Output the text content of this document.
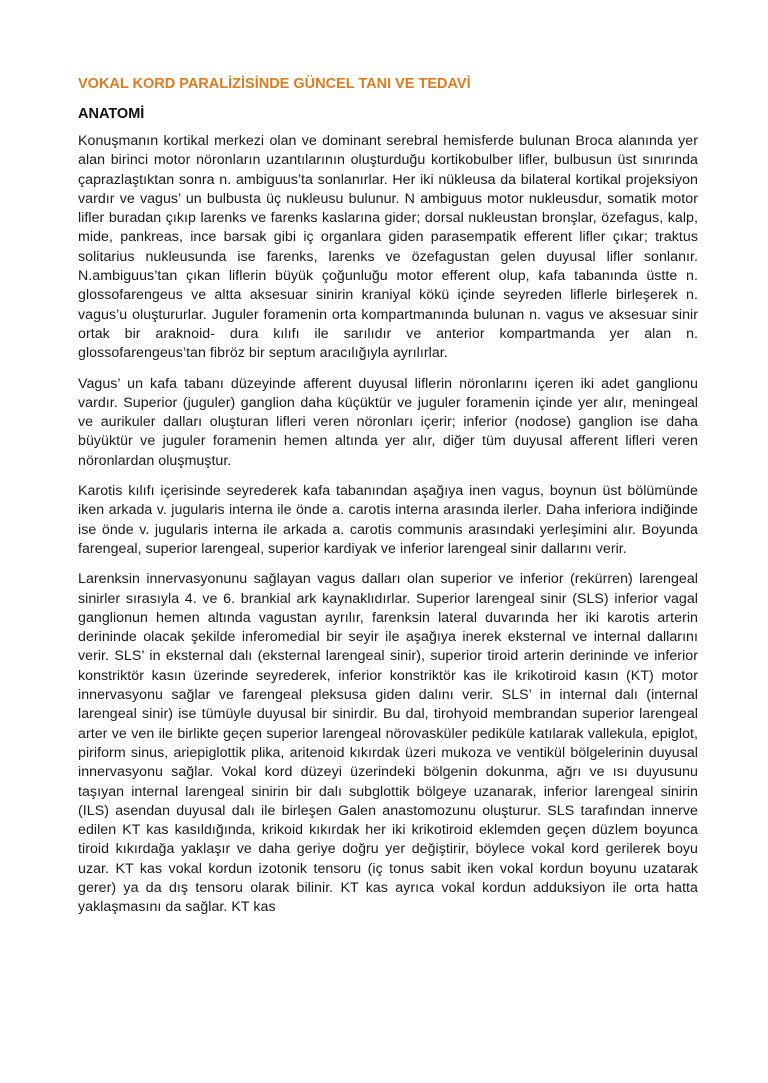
VOKAL KORD PARALİZİSİNDE GÜNCEL TANI VE TEDAVİ
ANATOMİ

Konuşmanın kortikal merkezi olan ve dominant serebral hemisferde bulunan Broca alanında yer alan birinci motor nöronların uzantılarının oluşturduğu kortikobulber lifler, bulbusun üst sınırında çaprazlaştıktan sonra n. ambiguus’ta sonlanırlar. Her iki nükleusa da bilateral kortikal projeksiyon vardır ve vagus’ un bulbusta üç nukleusu bulunur. N ambiguus motor nukleusdur, somatik motor lifler buradan çıkıp larenks ve farenks kaslarına gider; dorsal nukleustan bronşlar, özefagus, kalp, mide, pankreas, ince barsak gibi iç organlara giden parasempatik efferent lifler çıkar; traktus solitarius nukleusunda ise farenks, larenks ve özefagustan gelen duyusal lifler sonlanır. N.ambiguus’tan çıkan liflerin büyük çoğunluğu motor efferent olup, kafa tabanında üstte n. glossofarengeus ve altta aksesuar sinirin kraniyal kökü içinde seyreden liflerle birleşerek n. vagus’u oluştururlar. Juguler foramenin orta kompartmanında bulunan n. vagus ve aksesuar sinir ortak bir araknoid- dura kılıfı ile sarılıdır ve anterior kompartmanda yer alan n. glossofarengeus’tan fibröz bir septum aracılığıyla ayrılırlar.

Vagus’ un kafa tabanı düzeyinde afferent duyusal liflerin nöronlarını içeren iki adet ganglionu vardır. Superior (juguler) ganglion daha küçüktür ve juguler foramenin içinde yer alır, meningeal ve aurikuler dalları oluşturan lifleri veren nöronları içerir; inferior (nodose) ganglion ise daha büyüktür ve juguler foramenin hemen altında yer alır, diğer tüm duyusal afferent lifleri veren nöronlardan oluşmuştur.

Karotis kılıfı içerisinde seyrederek kafa tabanından aşağıya inen vagus, boynun üst bölümünde iken arkada v. jugularis interna ile önde a. carotis interna arasında ilerler. Daha inferiora indiğinde ise önde v. jugularis interna ile arkada a. carotis communis arasındaki yerleşimini alır. Boyunda farengeal, superior larengeal, superior kardiyak ve inferior larengeal sinir dallarını verir.

Larenksin innervasyonunu sağlayan vagus dalları olan superior ve inferior (rekürren) larengeal sinirler sırasıyla 4. ve 6. brankial ark kaynaklıdırlar. Superior larengeal sinir (SLS) inferior vagal ganglionun hemen altında vagustan ayrılır, farenksin lateral duvarında her iki karotis arterin derininde olacak şekilde inferomedial bir seyir ile aşağıya inerek eksternal ve internal dallarını verir. SLS’ in eksternal dalı (eksternal larengeal sinir), superior tiroid arterin derininde ve inferior konstriktör kasın üzerinde seyrederek, inferior konstriktör kas ile krikotiroid kasın (KT) motor innervasyonu sağlar ve farengeal pleksusa giden dalını verir. SLS’ in internal dalı (internal larengeal sinir) ise tümüyle duyusal bir sinirdir. Bu dal, tirohyoid membrandan superior larengeal arter ve ven ile birlikte geçen superior larengeal nörovasküler pediküle katılarak vallekula, epiglot, piriform sinus, ariepiglottik plika, aritenoid kıkırdak üzeri mukoza ve ventikül bölgelerinin duyusal innervasyonu sağlar. Vokal kord düzeyi üzerindeki bölgenin dokunma, ağrı ve ısı duyusunu taşıyan internal larengeal sinirin bir dalı subglottik bölgeye uzanarak, inferior larengeal sinirin (ILS) asendan duyusal dalı ile birleşen Galen anastomozunu oluşturur. SLS tarafından innerve edilen KT kas kasıldığında, krikoid kıkırdak her iki krikotiroid eklemden geçen düzlem boyunca tiroid kıkırdağa yaklaşır ve daha geriye doğru yer değiştirir, böylece vokal kord gerilerek boyu uzar. KT kas vokal kordun izotonik tensoru (iç tonus sabit iken vokal kordun boyunu uzatarak gerer) ya da dış tensoru olarak bilinir. KT kas ayrıca vokal kordun adduksiyon ile orta hatta yaklaşmasını da sağlar. KT kas
